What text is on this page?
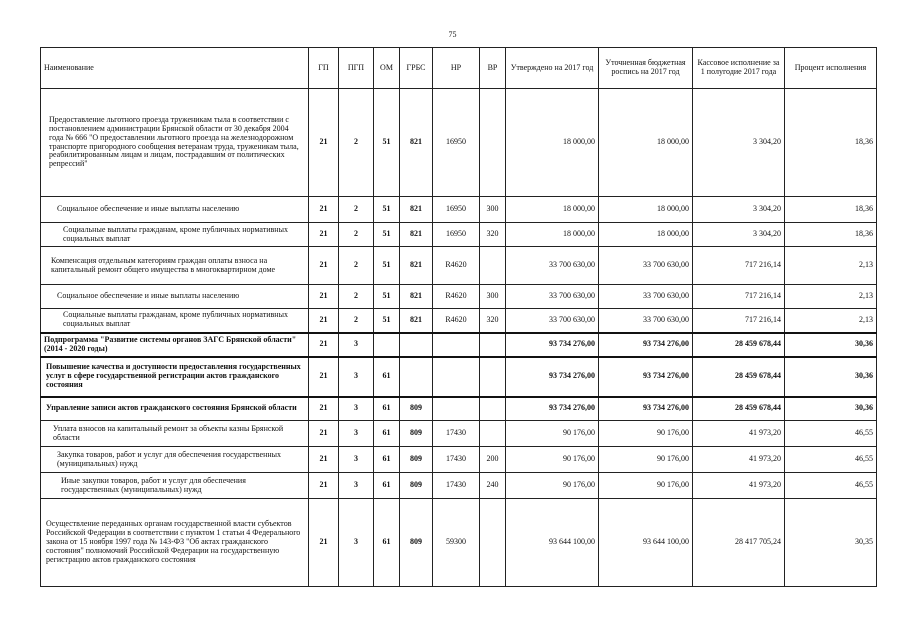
75
Наименование	ГП	ПГП	ОМ	ГРБС	НР	ВР	Утверждено на 2017 год	Уточненная бюджетная роспись на 2017 год	Кассовое исполнение за 1 полугодие 2017 года	Процент исполнения
Предоставление льготного проезда труженикам тыла в соответствии с постановлением администрации Брянской области от 30 декабря 2004 года № 666 "О предоставлении льготного проезда на железнодорожном транспорте пригородного сообщения ветеранам труда, труженикам тыла, реабилитированным лицам и лицам, пострадавшим от политических репрессий"	21	2	51	821	16950		18 000,00	18 000,00	3 304,20	18,36
Социальное обеспечение и иные выплаты населению	21	2	51	821	16950	300	18 000,00	18 000,00	3 304,20	18,36
Социальные выплаты гражданам, кроме публичных нормативных социальных выплат	21	2	51	821	16950	320	18 000,00	18 000,00	3 304,20	18,36
Компенсация отдельным категориям граждан оплаты взноса на капитальный ремонт общего имущества в многоквартирном доме	21	2	51	821	R4620		33 700 630,00	33 700 630,00	717 216,14	2,13
Социальное обеспечение и иные выплаты населению	21	2	51	821	R4620	300	33 700 630,00	33 700 630,00	717 216,14	2,13
Социальные выплаты гражданам, кроме публичных нормативных социальных выплат	21	2	51	821	R4620	320	33 700 630,00	33 700 630,00	717 216,14	2,13
Подпрограмма "Развитие системы органов ЗАГС Брянской области" (2014 - 2020 годы)	21	3					93 734 276,00	93 734 276,00	28 459 678,44	30,36
Повышение качества и доступности предоставления государственных услуг в сфере государственной регистрации актов гражданского состояния	21	3	61				93 734 276,00	93 734 276,00	28 459 678,44	30,36
Управление записи актов гражданского состояния Брянской области	21	3	61	809			93 734 276,00	93 734 276,00	28 459 678,44	30,36
Уплата взносов на капитальный ремонт за объекты казны Брянской области	21	3	61	809	17430		90 176,00	90 176,00	41 973,20	46,55
Закупка товаров, работ и услуг для обеспечения государственных (муниципальных) нужд	21	3	61	809	17430	200	90 176,00	90 176,00	41 973,20	46,55
Иные закупки товаров, работ и услуг для обеспечения государственных (муниципальных) нужд	21	3	61	809	17430	240	90 176,00	90 176,00	41 973,20	46,55
Осуществление переданных органам государственной власти субъектов Российской Федерации в соответствии с пунктом 1 статьи 4 Федерального закона от 15 ноября 1997 года № 143-ФЗ "Об актах гражданского состояния" полномочий Российской Федерации на государственную регистрацию актов гражданского состояния	21	3	61	809	59300		93 644 100,00	93 644 100,00	28 417 705,24	30,35
